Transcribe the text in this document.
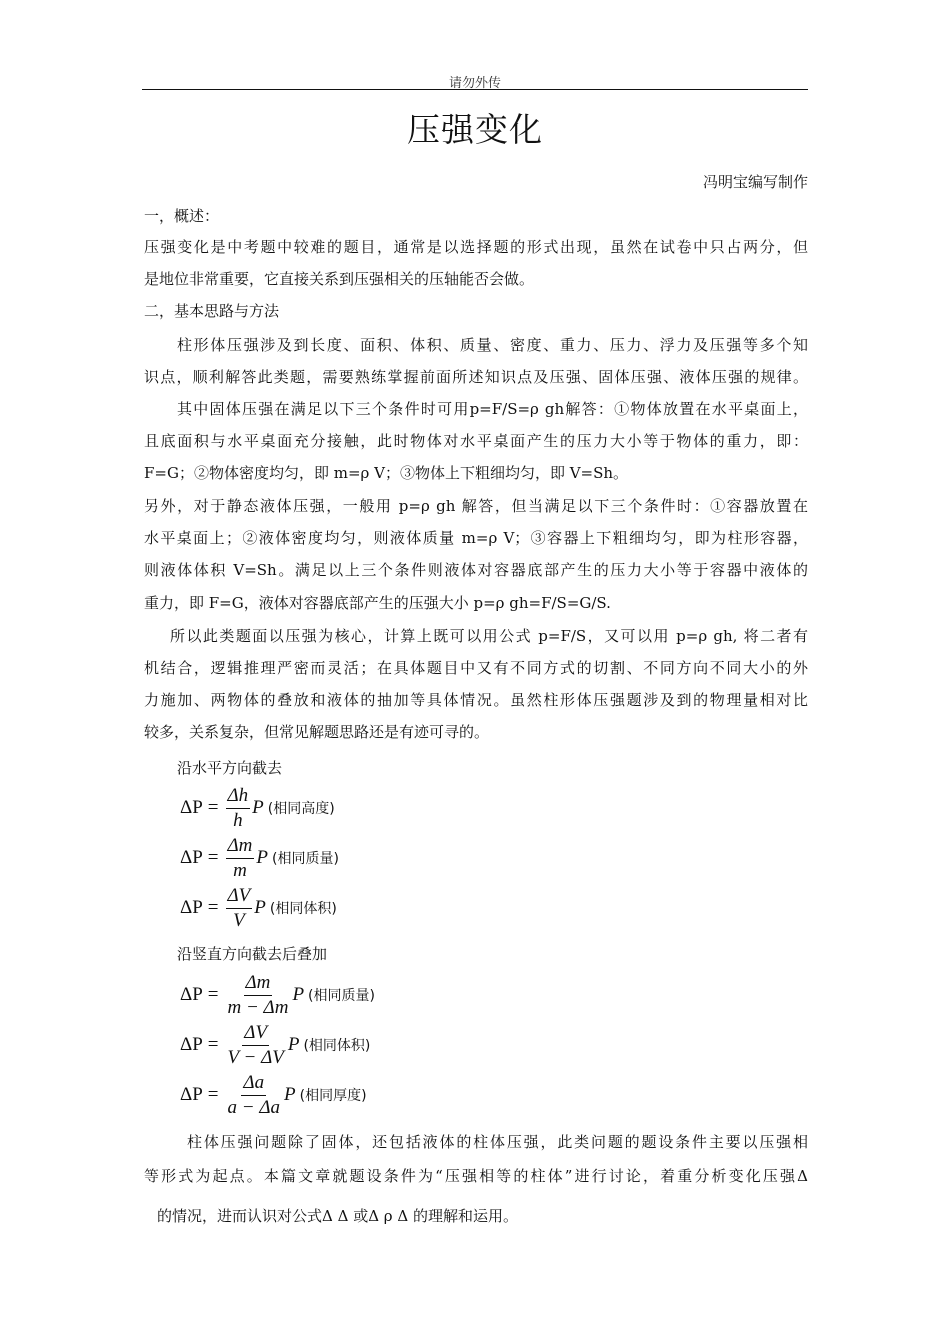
请勿外传
压强变化
冯明宝编写制作
一，概述：
压强变化是中考题中较难的题目，通常是以选择题的形式出现，虽然在试卷中只占两分，但
是地位非常重要，它直接关系到压强相关的压轴能否会做。
二，基本思路与方法
柱形体压强涉及到长度、面积、体积、质量、密度、重力、压力、浮力及压强等多个知
识点，顺利解答此类题，需要熟练掌握前面所述知识点及压强、固体压强、液体压强的规律。
其中固体压强在满足以下三个条件时可用p=F/S=ρ gh解答：①物体放置在水平桌面上，
且底面积与水平桌面充分接触，此时物体对水平桌面产生的压力大小等于物体的重力，即：
F=G；②物体密度均匀，即 m=ρ V；③物体上下粗细均匀，即 V=Sh。
另外，对于静态液体压强，一般用 p=ρ gh 解答，但当满足以下三个条件时：①容器放置在
水平桌面上；②液体密度均匀，则液体质量 m=ρ V；③容器上下粗细均匀，即为柱形容器，
则液体体积 V=Sh。满足以上三个条件则液体对容器底部产生的压力大小等于容器中液体的
重力，即 F=G，液体对容器底部产生的压强大小 p=ρ gh=F/S=G/S.
所以此类题面以压强为核心，计算上既可以用公式 p=F/S，又可以用 p=ρ gh, 将二者有
机结合，逻辑推理严密而灵活；在具体题目中又有不同方式的切割、不同方向不同大小的外
力施加、两物体的叠放和液体的抽加等具体情况。虽然柱形体压强题涉及到的物理量相对比
较多，关系复杂，但常见解题思路还是有迹可寻的。
沿水平方向截去
$\Delta P = \frac{\Delta h}{h}$ P (相同高度)
$\Delta P = \frac{\Delta m}{m}$ P (相同质量)
$\Delta P = \frac{\Delta V}{V}$ P (相同体积)
沿竖直方向截去后叠加
$\Delta P = \frac{\Delta m}{m - \Delta m}$ P (相同质量)
$\Delta P = \frac{\Delta V}{V - \Delta V}$ P (相同体积)
$\Delta P = \frac{\Delta a}{a - \Delta a}$ P (相同厚度)
柱体压强问题除了固体，还包括液体的柱体压强，此类问题的题设条件主要以压强相
等形式为起点。本篇文章就题设条件为“压强相等的柱体”进行讨论，着重分析变化压强Δ
的情况，进而认识对公式Δ Δ 或Δ ρ Δ 的理解和运用。
